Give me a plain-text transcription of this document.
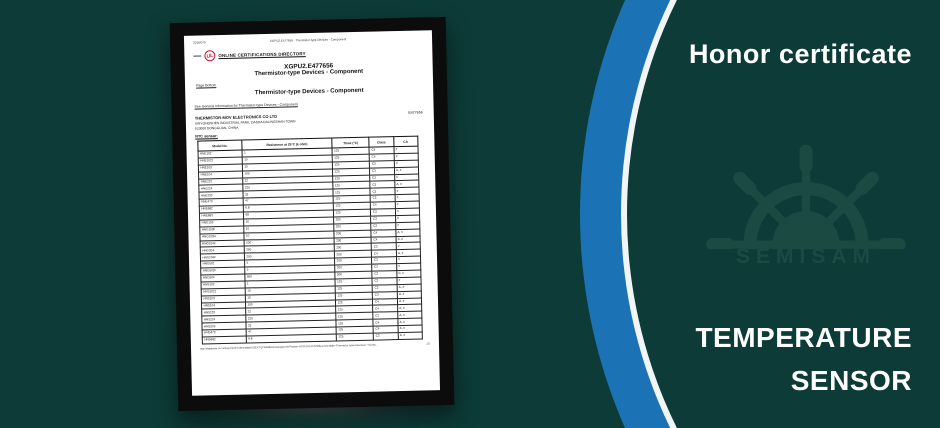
2016/079	XGPU2.E477656 - Thermistor-type Devices - Component
UL ONLINE CERTIFICATIONS DIRECTORY
XGPU2.E477656
Thermistor-type Devices - Component
Page Bottom
Thermistor-type Devices - Component
See General Information for Thermistor-type Devices - Component
THERMISTOR-MOV ELECTRONICS CO LTD
XINYONGSHEN INDUSTRIAL PARK, DASHA DALINGSHAN TOWN
523000 DONGGUAN, CHINA
E477656
NTC sensor:
Model No.	Resistance at 25°C (k ohm)	Tmax (°C)	Class	CA
HNE102	1	125	C4	#
HNE1021	10	125	C4	#
HNE103	10	125	C3	#
HNE104	100	125	C3	A, #
HNE223	22	125	C3	#
HNE224	220	125	C3	A, #
HNE333	33	125	C3	#
HNE473	47	125	C3	#
HNE682	6.8	125	C4	#
HNE683	68	125	C3	#
HNG103	10	200	C3	#
HNG103F	10	200	C3	#
HNG103H	10	200	C4	A, #
HNG104F	100	200	C4	A, #
HNG204	200	200	C3	#
HNG204F	200	200	C4	A, #
HNG502	5	200	C3	#
HNG502F	5	200	C2	#
HNG504	500	200	C2	C, #
HNS102	1	125	C3	#
HNS1021	10	125	C3	A, #
HNS103	10	125	C3	A, #
HNS104	100	125	C4	A, #
HNS223	22	125	C4	A, #
HNS224	220	125	C2	A, #
HNS333	33	125	C4	A, #
HNS473	47	125	C4	A, #
HNS682	6.8	125	C3	A, #
http://database.ul.com/cgi-bin/XYV/template/LISEXT/1FRAME/showpage.html?name=XGPU2.E477656&ccnshorttitle=Thermistor-type+Devices+-+Comp...	1/2
Honor certificate
SEMISAM
TEMPERATURE SENSOR
